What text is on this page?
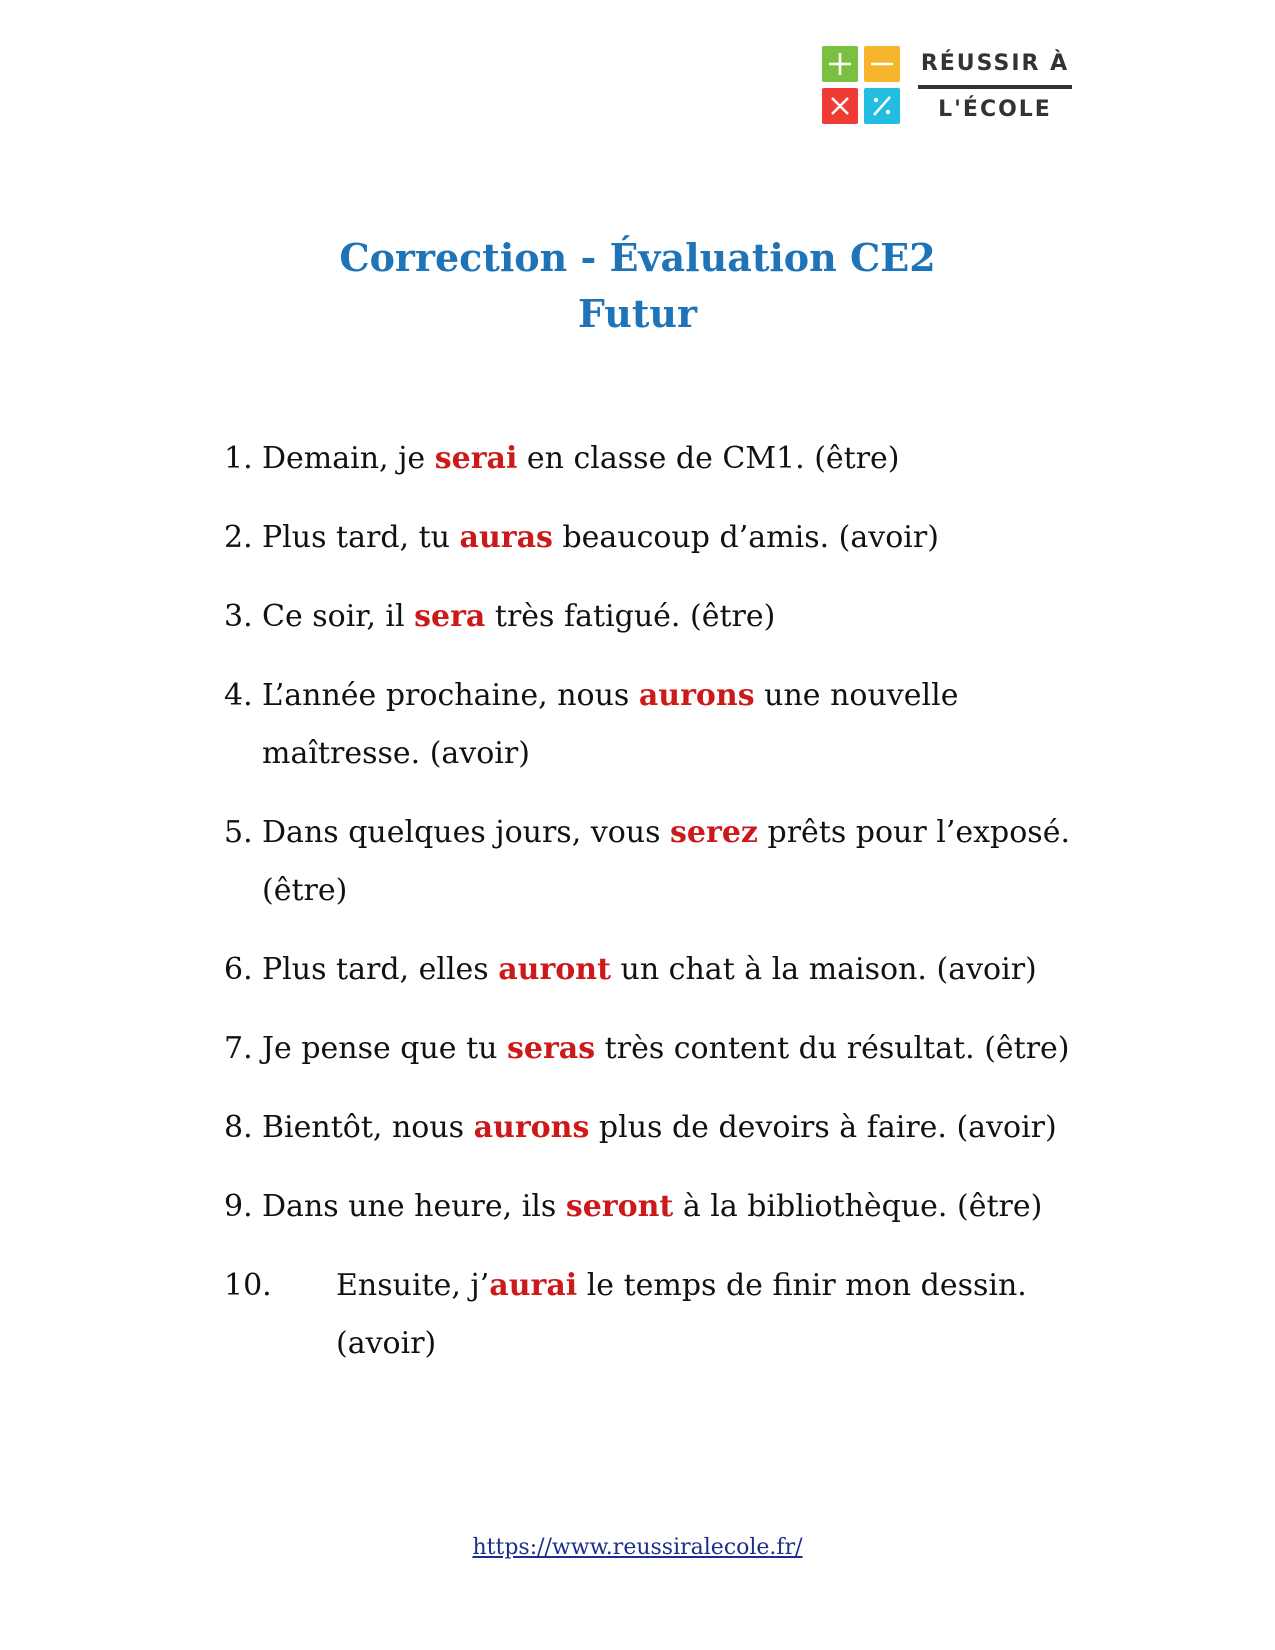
RÉUSSIR À
L'ÉCOLE
Correction - Évaluation CE2
Futur
1. Demain, je serai en classe de CM1. (être)
2. Plus tard, tu auras beaucoup d’amis. (avoir)
3. Ce soir, il sera très fatigué. (être)
4. L’année prochaine, nous aurons une nouvelle maîtresse. (avoir)
5. Dans quelques jours, vous serez prêts pour l’exposé. (être)
6. Plus tard, elles auront un chat à la maison. (avoir)
7. Je pense que tu seras très content du résultat. (être)
8. Bientôt, nous aurons plus de devoirs à faire. (avoir)
9. Dans une heure, ils seront à la bibliothèque. (être)
10.	Ensuite, j’aurai le temps de finir mon dessin. (avoir)
https://www.reussiralecole.fr/
